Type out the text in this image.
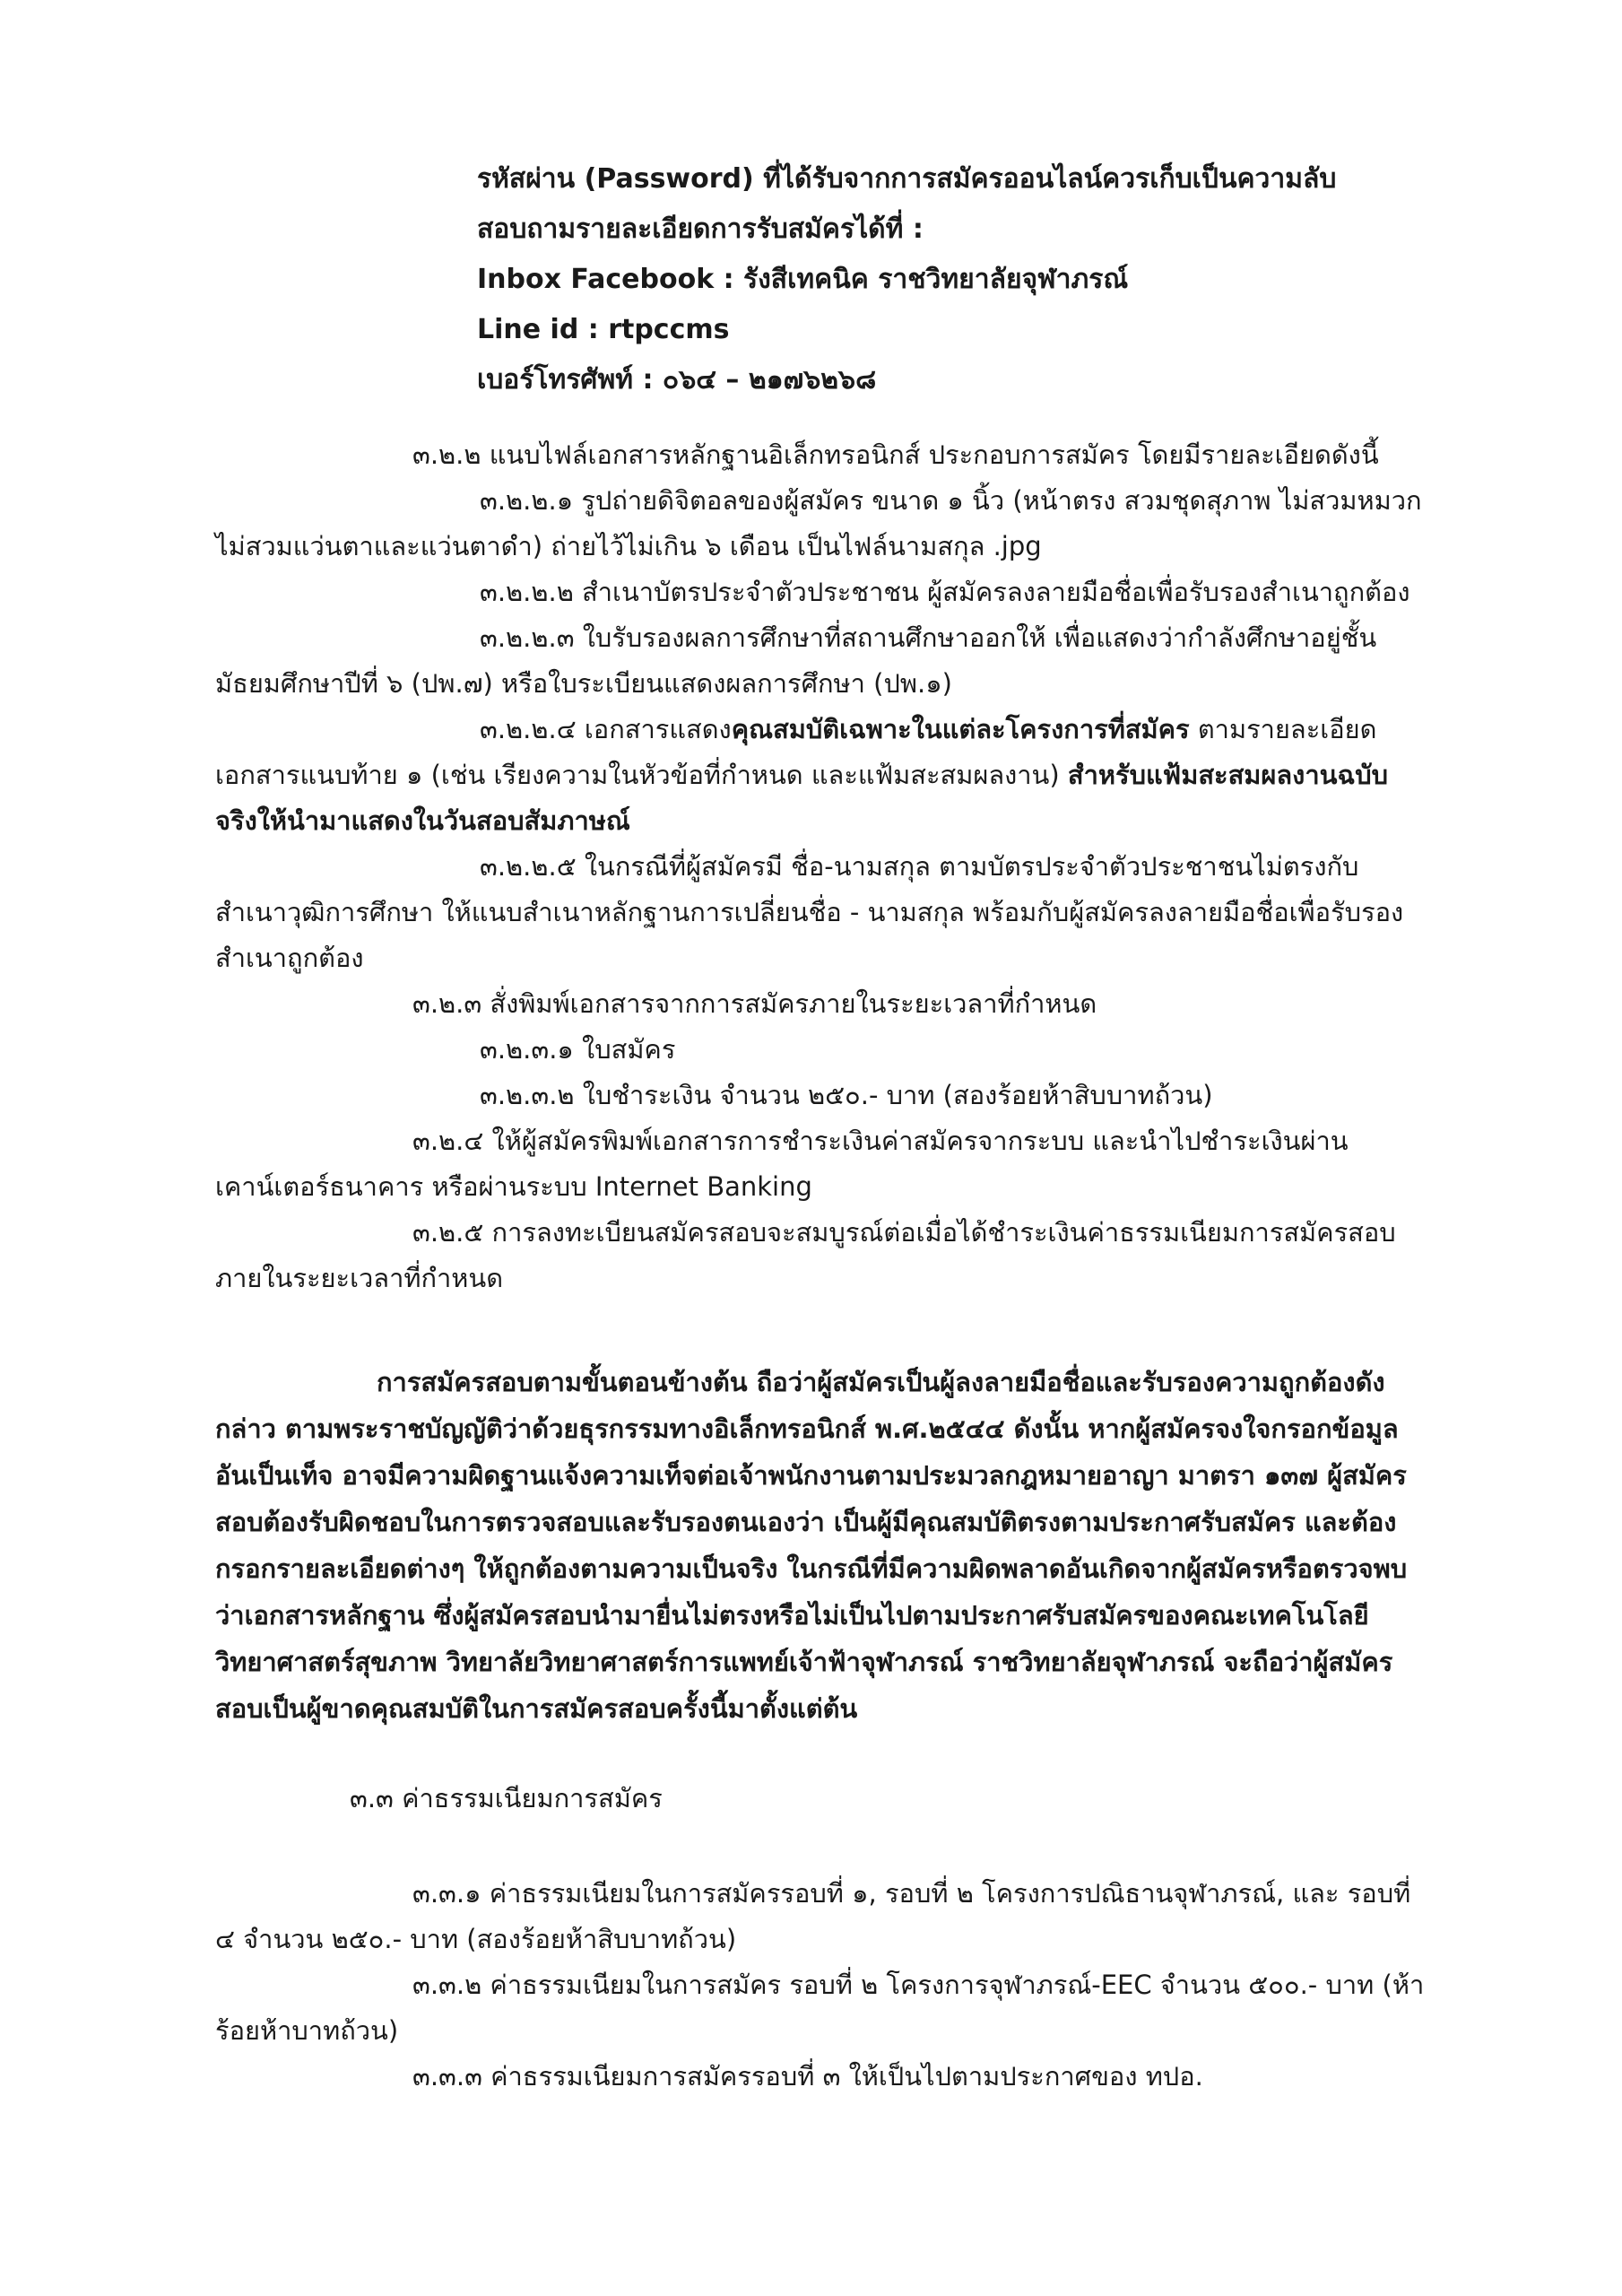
รหัสผ่าน (Password) ที่ได้รับจากการสมัครออนไลน์ควรเก็บเป็นความลับ
สอบถามรายละเอียดการรับสมัครได้ที่ :
Inbox Facebook : รังสีเทคนิค ราชวิทยาลัยจุฬาภรณ์
Line id : rtpccms
เบอร์โทรศัพท์ : ๐๖๔ – ๒๑๗๖๒๖๘

๓.๒.๒ แนบไฟล์เอกสารหลักฐานอิเล็กทรอนิกส์ ประกอบการสมัคร โดยมีรายละเอียดดังนี้

๓.๒.๒.๑ รูปถ่ายดิจิตอลของผู้สมัคร ขนาด ๑ นิ้ว (หน้าตรง สวมชุดสุภาพ ไม่สวมหมวก ไม่สวมแว่นตาและแว่นตาดำ) ถ่ายไว้ไม่เกิน ๖ เดือน เป็นไฟล์นามสกุล .jpg

๓.๒.๒.๒ สำเนาบัตรประจำตัวประชาชน ผู้สมัครลงลายมือชื่อเพื่อรับรองสำเนาถูกต้อง

๓.๒.๒.๓ ใบรับรองผลการศึกษาที่สถานศึกษาออกให้ เพื่อแสดงว่ากำลังศึกษาอยู่ชั้นมัธยมศึกษาปีที่ ๖ (ปพ.๗) หรือใบระเบียนแสดงผลการศึกษา (ปพ.๑)

๓.๒.๒.๔ เอกสารแสดงคุณสมบัติเฉพาะในแต่ละโครงการที่สมัคร ตามรายละเอียดเอกสารแนบท้าย ๑ (เช่น เรียงความในหัวข้อที่กำหนด และแฟ้มสะสมผลงาน) สำหรับแฟ้มสะสมผลงานฉบับจริงให้นำมาแสดงในวันสอบสัมภาษณ์

๓.๒.๒.๕ ในกรณีที่ผู้สมัครมี ชื่อ-นามสกุล ตามบัตรประจำตัวประชาชนไม่ตรงกับสำเนาวุฒิการศึกษา ให้แนบสำเนาหลักฐานการเปลี่ยนชื่อ - นามสกุล พร้อมกับผู้สมัครลงลายมือชื่อเพื่อรับรองสำเนาถูกต้อง

๓.๒.๓ สั่งพิมพ์เอกสารจากการสมัครภายในระยะเวลาที่กำหนด

๓.๒.๓.๑ ใบสมัคร

๓.๒.๓.๒ ใบชำระเงิน จำนวน ๒๕๐.- บาท (สองร้อยห้าสิบบาทถ้วน)

๓.๒.๔ ให้ผู้สมัครพิมพ์เอกสารการชำระเงินค่าสมัครจากระบบ และนำไปชำระเงินผ่านเคาน์เตอร์ธนาคาร หรือผ่านระบบ Internet Banking

๓.๒.๕ การลงทะเบียนสมัครสอบจะสมบูรณ์ต่อเมื่อได้ชำระเงินค่าธรรมเนียมการสมัครสอบภายในระยะเวลาที่กำหนด

การสมัครสอบตามขั้นตอนข้างต้น ถือว่าผู้สมัครเป็นผู้ลงลายมือชื่อและรับรองความถูกต้องดังกล่าว ตามพระราชบัญญัติว่าด้วยธุรกรรมทางอิเล็กทรอนิกส์ พ.ศ.๒๕๔๔ ดังนั้น หากผู้สมัครจงใจกรอกข้อมูลอันเป็นเท็จ อาจมีความผิดฐานแจ้งความเท็จต่อเจ้าพนักงานตามประมวลกฎหมายอาญา มาตรา ๑๓๗ ผู้สมัครสอบต้องรับผิดชอบในการตรวจสอบและรับรองตนเองว่า เป็นผู้มีคุณสมบัติตรงตามประกาศรับสมัคร และต้องกรอกรายละเอียดต่างๆ ให้ถูกต้องตามความเป็นจริง ในกรณีที่มีความผิดพลาดอันเกิดจากผู้สมัครหรือตรวจพบว่าเอกสารหลักฐาน ซึ่งผู้สมัครสอบนำมายื่นไม่ตรงหรือไม่เป็นไปตามประกาศรับสมัครของคณะเทคโนโลยีวิทยาศาสตร์สุขภาพ วิทยาลัยวิทยาศาสตร์การแพทย์เจ้าฟ้าจุฬาภรณ์ ราชวิทยาลัยจุฬาภรณ์ จะถือว่าผู้สมัครสอบเป็นผู้ขาดคุณสมบัติในการสมัครสอบครั้งนี้มาตั้งแต่ต้น

๓.๓ ค่าธรรมเนียมการสมัคร

๓.๓.๑ ค่าธรรมเนียมในการสมัครรอบที่ ๑, รอบที่ ๒ โครงการปณิธานจุฬาภรณ์, และ รอบที่ ๔ จำนวน ๒๕๐.- บาท (สองร้อยห้าสิบบาทถ้วน)

๓.๓.๒ ค่าธรรมเนียมในการสมัคร รอบที่ ๒ โครงการจุฬาภรณ์-EEC จำนวน ๕๐๐.- บาท (ห้าร้อยห้าบาทถ้วน)

๓.๓.๓ ค่าธรรมเนียมการสมัครรอบที่ ๓ ให้เป็นไปตามประกาศของ ทปอ.
